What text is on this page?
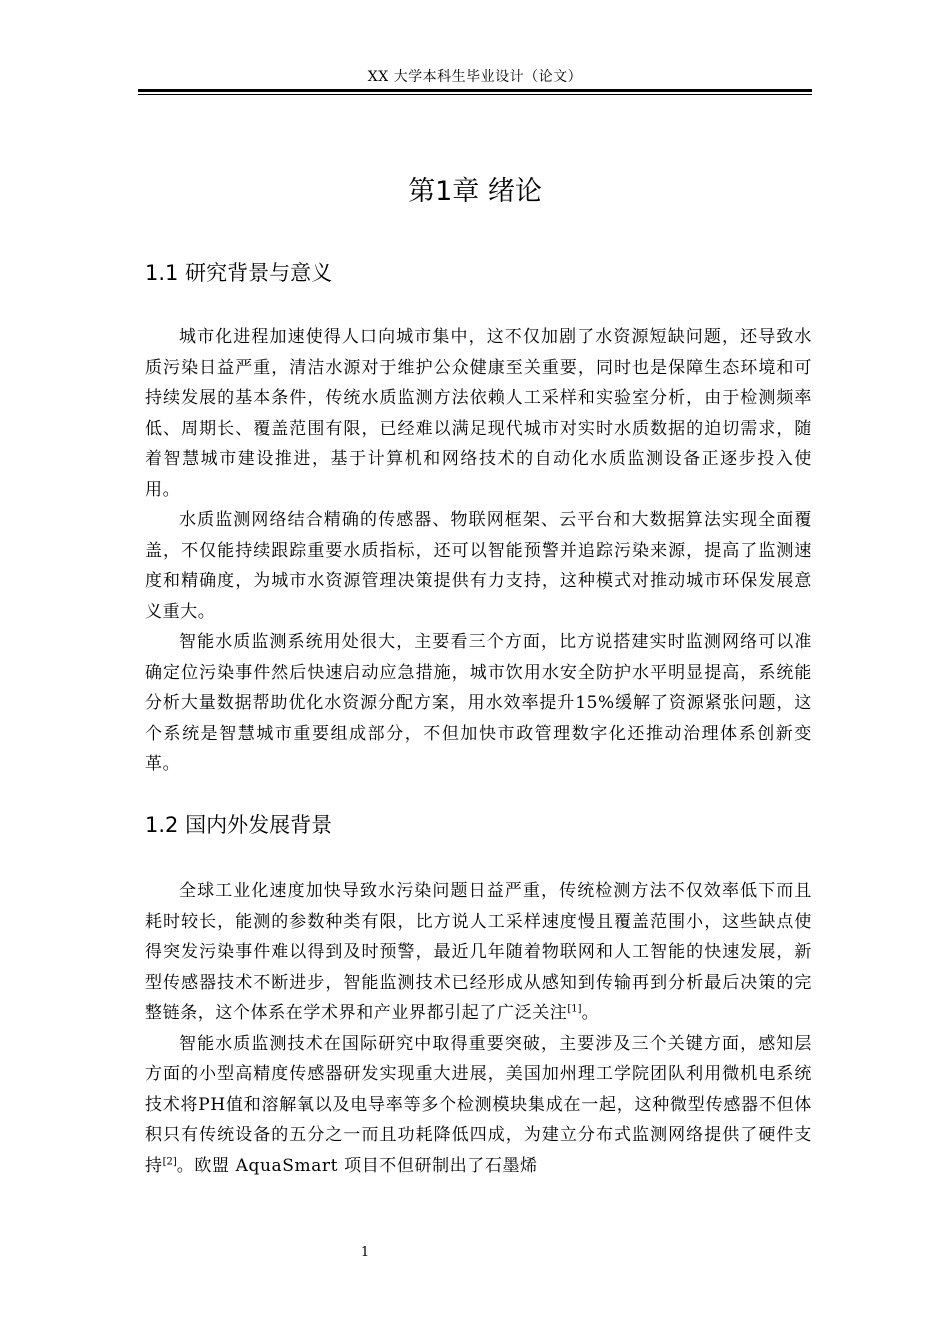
XX 大学本科生毕业设计（论文）
第1章 绪论
1.1 研究背景与意义

城市化进程加速使得人口向城市集中，这不仅加剧了水资源短缺问题，还导致水质污染日益严重，清洁水源对于维护公众健康至关重要，同时也是保障生态环境和可持续发展的基本条件，传统水质监测方法依赖人工采样和实验室分析，由于检测频率低、周期长、覆盖范围有限，已经难以满足现代城市对实时水质数据的迫切需求，随着智慧城市建设推进，基于计算机和网络技术的自动化水质监测设备正逐步投入使用。

水质监测网络结合精确的传感器、物联网框架、云平台和大数据算法实现全面覆盖，不仅能持续跟踪重要水质指标，还可以智能预警并追踪污染来源，提高了监测速度和精确度，为城市水资源管理决策提供有力支持，这种模式对推动城市环保发展意义重大。

智能水质监测系统用处很大，主要看三个方面，比方说搭建实时监测网络可以准确定位污染事件然后快速启动应急措施，城市饮用水安全防护水平明显提高，系统能分析大量数据帮助优化水资源分配方案，用水效率提升15%缓解了资源紧张问题，这个系统是智慧城市重要组成部分，不但加快市政管理数字化还推动治理体系创新变革。

1.2 国内外发展背景

全球工业化速度加快导致水污染问题日益严重，传统检测方法不仅效率低下而且耗时较长，能测的参数种类有限，比方说人工采样速度慢且覆盖范围小，这些缺点使得突发污染事件难以得到及时预警，最近几年随着物联网和人工智能的快速发展，新型传感器技术不断进步，智能监测技术已经形成从感知到传输再到分析最后决策的完整链条，这个体系在学术界和产业界都引起了广泛关注[1]。

智能水质监测技术在国际研究中取得重要突破，主要涉及三个关键方面，感知层方面的小型高精度传感器研发实现重大进展，美国加州理工学院团队利用微机电系统技术将PH值和溶解氧以及电导率等多个检测模块集成在一起，这种微型传感器不但体积只有传统设备的五分之一而且功耗降低四成，为建立分布式监测网络提供了硬件支持[2]。欧盟 AquaSmart 项目不但研制出了石墨烯

1
